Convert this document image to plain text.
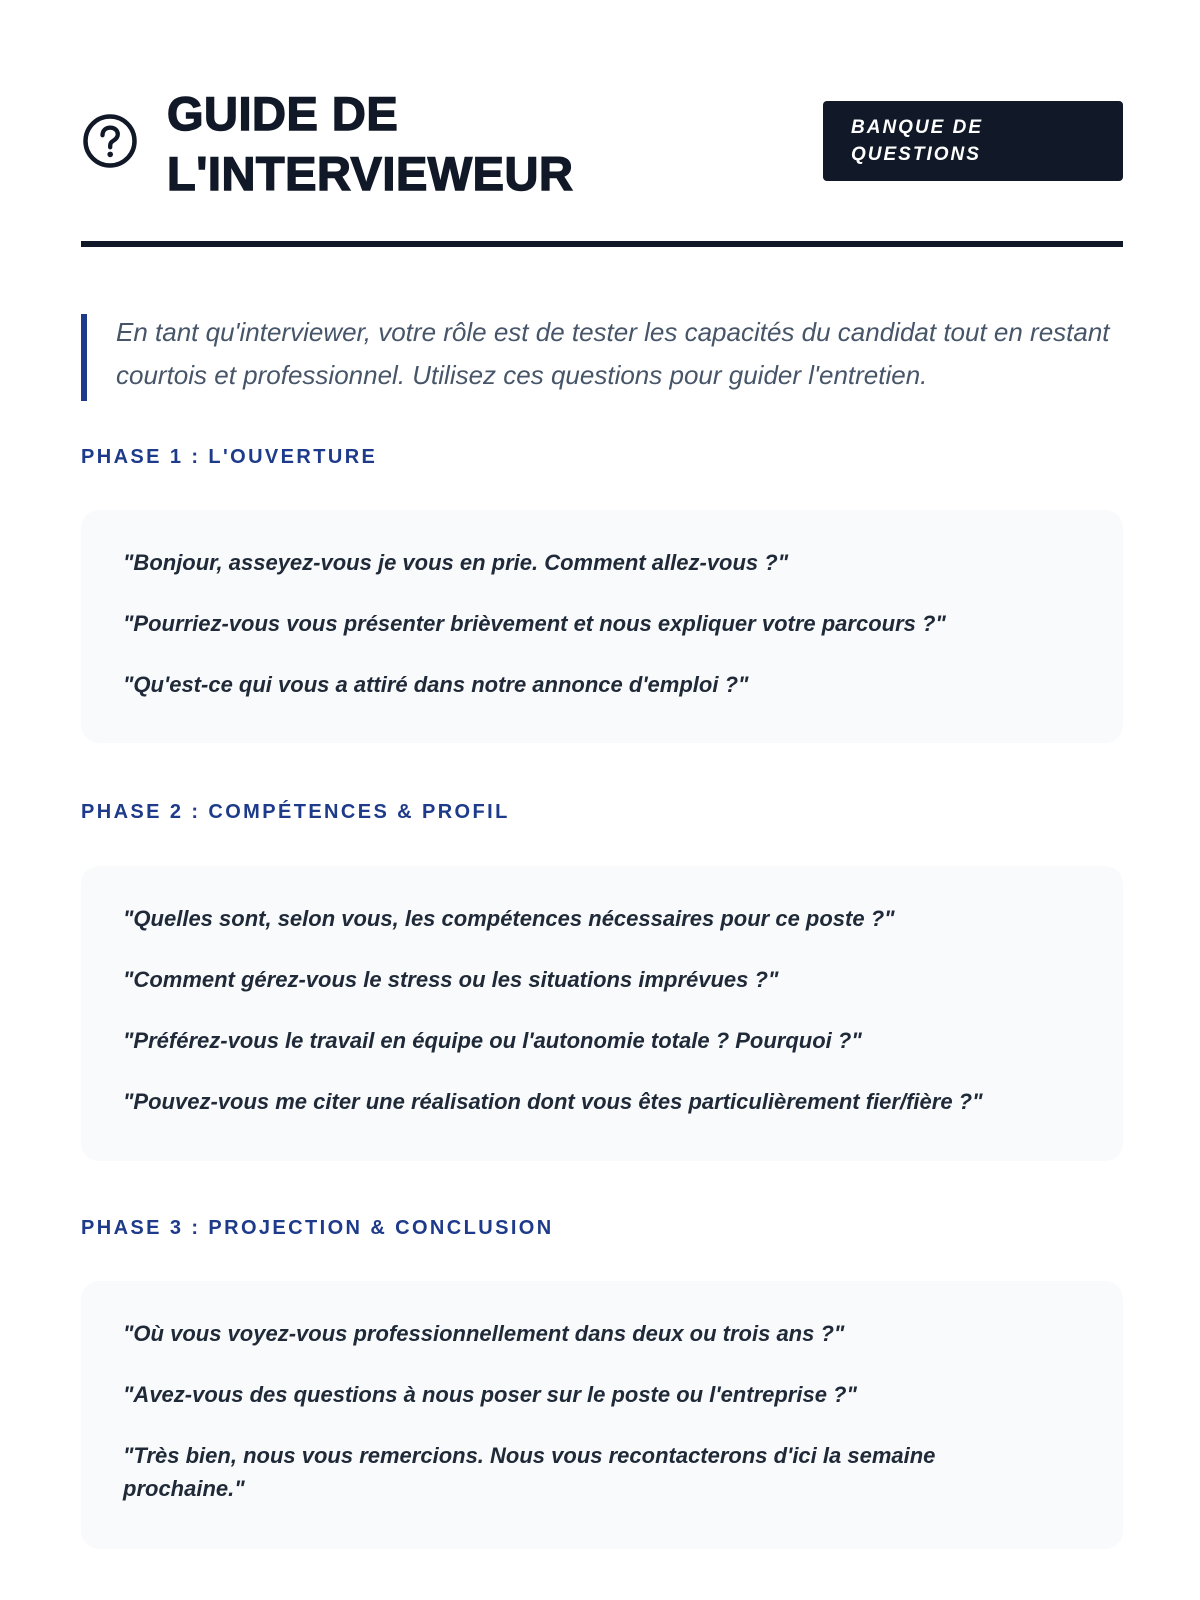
GUIDE DE
L'INTERVIEWEUR
BANQUE DE QUESTIONS

En tant qu'interviewer, votre rôle est de tester les capacités du candidat tout en restant courtois et professionnel. Utilisez ces questions pour guider l'entretien.

PHASE 1 : L'OUVERTURE

"Bonjour, asseyez-vous je vous en prie. Comment allez-vous ?"

"Pourriez-vous vous présenter brièvement et nous expliquer votre parcours ?"

"Qu'est-ce qui vous a attiré dans notre annonce d'emploi ?"

PHASE 2 : COMPÉTENCES & PROFIL

"Quelles sont, selon vous, les compétences nécessaires pour ce poste ?"

"Comment gérez-vous le stress ou les situations imprévues ?"

"Préférez-vous le travail en équipe ou l'autonomie totale ? Pourquoi ?"

"Pouvez-vous me citer une réalisation dont vous êtes particulièrement fier/fière ?"

PHASE 3 : PROJECTION & CONCLUSION

"Où vous voyez-vous professionnellement dans deux ou trois ans ?"

"Avez-vous des questions à nous poser sur le poste ou l'entreprise ?"

"Très bien, nous vous remercions. Nous vous recontacterons d'ici la semaine prochaine."
